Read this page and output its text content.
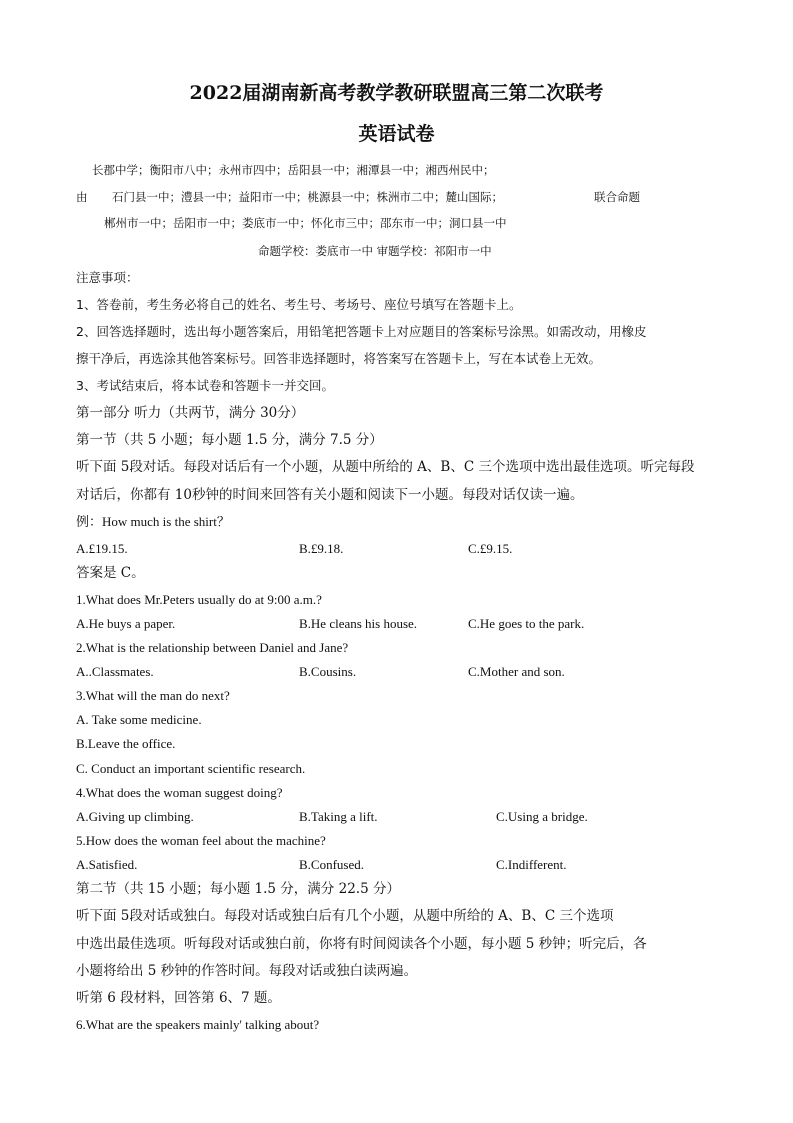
2022届湖南新高考教学教研联盟高三第二次联考
英语试卷
长郡中学；衡阳市八中；永州市四中；岳阳县一中；湘潭县一中；湘西州民中；
由 石门县一中；澧县一中；益阳市一中；桃源县一中；株洲市二中；麓山国际；	联合命题
郴州市一中；岳阳市一中；娄底市一中；怀化市三中；邵东市一中；洞口县一中
命题学校：娄底市一中 审题学校：祁阳市一中
注意事项：
1、答卷前，考生务必将自己的姓名、考生号、考场号、座位号填写在答题卡上。
2、回答选择题时，选出每小题答案后，用铅笔把答题卡上对应题目的答案标号涂黑。如需改动，用橡皮
擦干净后，再选涂其他答案标号。回答非选择题时，将答案写在答题卡上，写在本试卷上无效。
3、考试结束后，将本试卷和答题卡一并交回。
第一部分 听力（共两节，满分 30分）
第一节（共 5 小题；每小题 1.5 分，满分 7.5 分）
听下面 5段对话。每段对话后有一个小题，从题中所给的 A、B、C 三个选项中选出最佳选项。听完每段
对话后，你都有 10秒钟的时间来回答有关小题和阅读下一小题。每段对话仅读一遍。
例：How much is the shirt？
A.£19.15.	B.£9.18.	C.£9.15.
答案是 C。
1.What does Mr.Peters usually do at 9:00 a.m.?
A.He buys a paper.	B.He cleans his house.	C.He goes to the park.
2.What is the relationship between Daniel and Jane?
A..Classmates.	B.Cousins.	C.Mother and son.
3.What will the man do next?
A. Take some medicine.
B.Leave the office.
C. Conduct an important scientific research.
4.What does the woman suggest doing?
A.Giving up climbing.	B.Taking a lift.	C.Using a bridge.
5.How does the woman feel about the machine?
A.Satisfied.	B.Confused.	C.Indifferent.
第二节（共 15 小题；每小题 1.5 分，满分 22.5 分）
听下面 5段对话或独白。每段对话或独白后有几个小题，从题中所给的 A、B、C 三个选项
中选出最佳选项。听每段对话或独白前，你将有时间阅读各个小题，每小题 5 秒钟；听完后，各
小题将给出 5 秒钟的作答时间。每段对话或独白读两遍。
听第 6 段材料，回答第 6、7 题。
6.What are the speakers mainly' talking about?
